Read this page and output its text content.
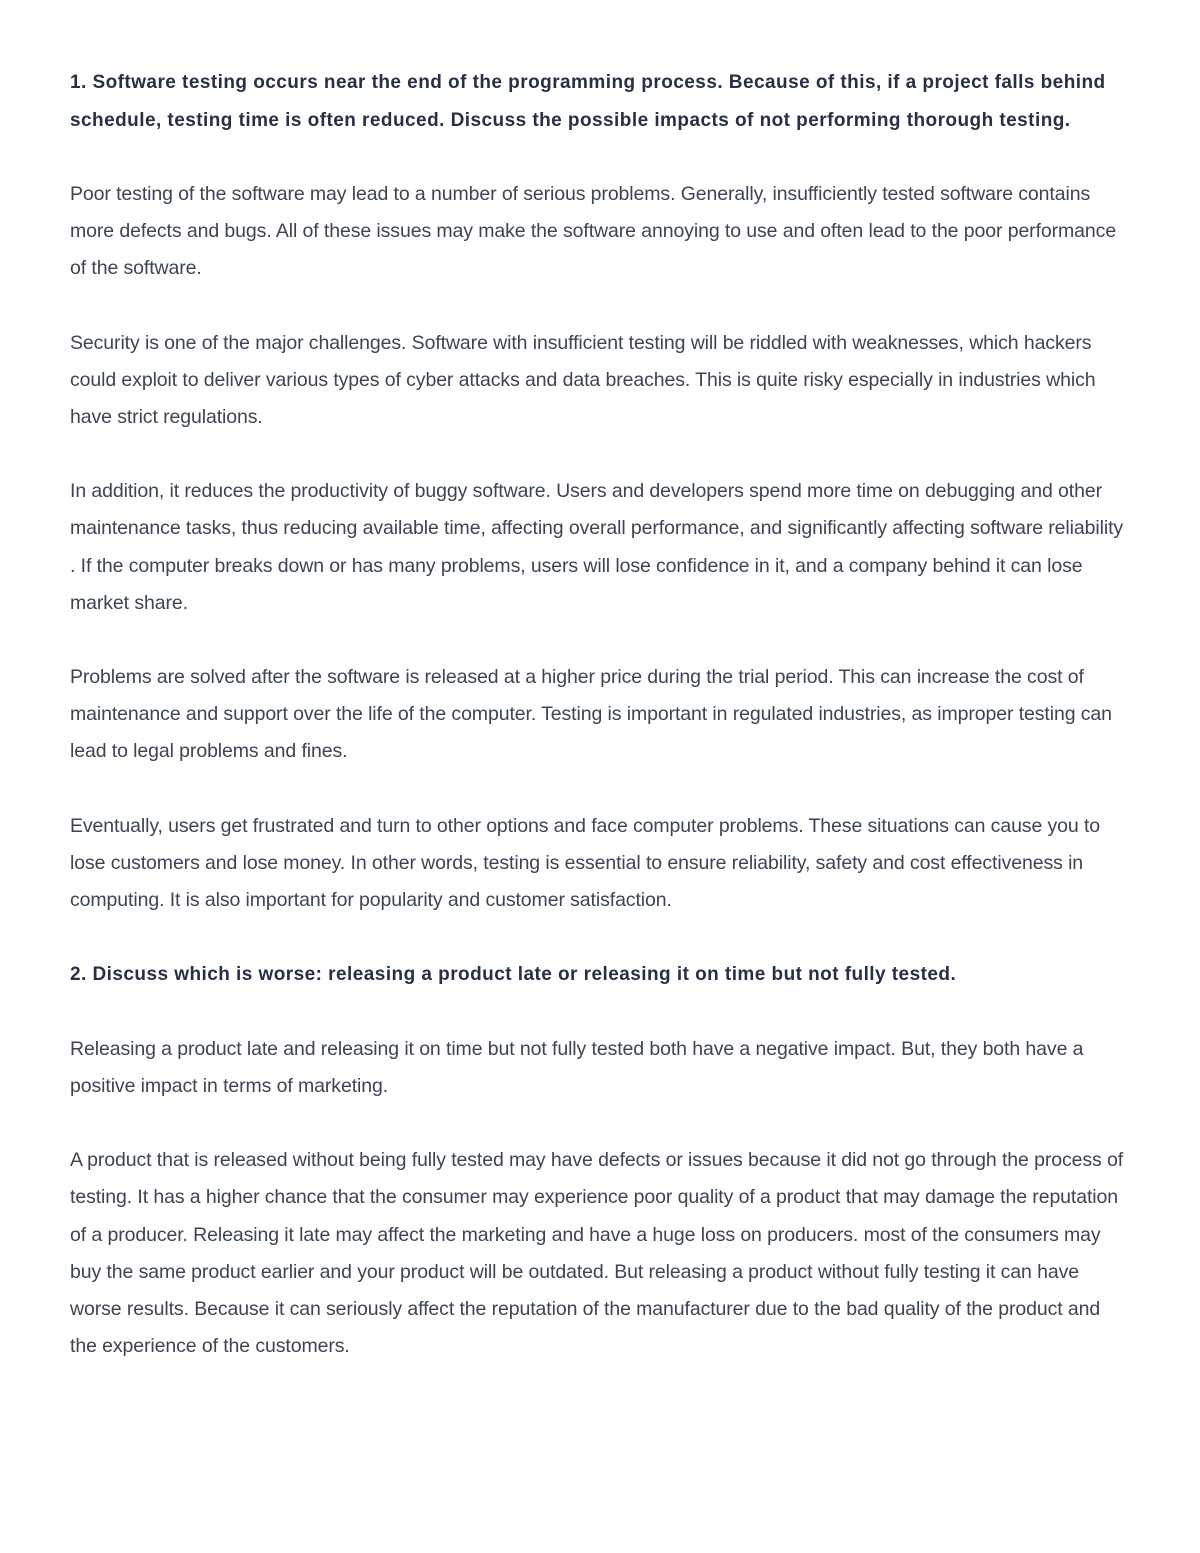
1. Software testing occurs near the end of the programming process. Because of this, if a project falls behind schedule, testing time is often reduced. Discuss the possible impacts of not performing thorough testing.

Poor testing of the software may lead to a number of serious problems. Generally, insufficiently tested software contains more defects and bugs. All of these issues may make the software annoying to use and often lead to the poor performance of the software.

Security is one of the major challenges. Software with insufficient testing will be riddled with weaknesses, which hackers could exploit to deliver various types of cyber attacks and data breaches. This is quite risky especially in industries which have strict regulations.

In addition, it reduces the productivity of buggy software. Users and developers spend more time on debugging and other maintenance tasks, thus reducing available time, affecting overall performance, and significantly affecting software reliability . If the computer breaks down or has many problems, users will lose confidence in it, and a company behind it can lose market share.

Problems are solved after the software is released at a higher price during the trial period. This can increase the cost of maintenance and support over the life of the computer. Testing is important in regulated industries, as improper testing can lead to legal problems and fines.

Eventually, users get frustrated and turn to other options and face computer problems. These situations can cause you to lose customers and lose money. In other words, testing is essential to ensure reliability, safety and cost effectiveness in computing. It is also important for popularity and customer satisfaction.

2. Discuss which is worse: releasing a product late or releasing it on time but not fully tested.

Releasing a product late and releasing it on time but not fully tested both have a negative impact. But, they both have a positive impact in terms of marketing.

A product that is released without being fully tested may have defects or issues because it did not go through the process of testing. It has a higher chance that the consumer may experience poor quality of a product that may damage the reputation of a producer. Releasing it late may affect the marketing and have a huge loss on producers. most of the consumers may buy the same product earlier and your product will be outdated. But releasing a product without fully testing it can have worse results. Because it can seriously affect the reputation of the manufacturer due to the bad quality of the product and the experience of the customers.
